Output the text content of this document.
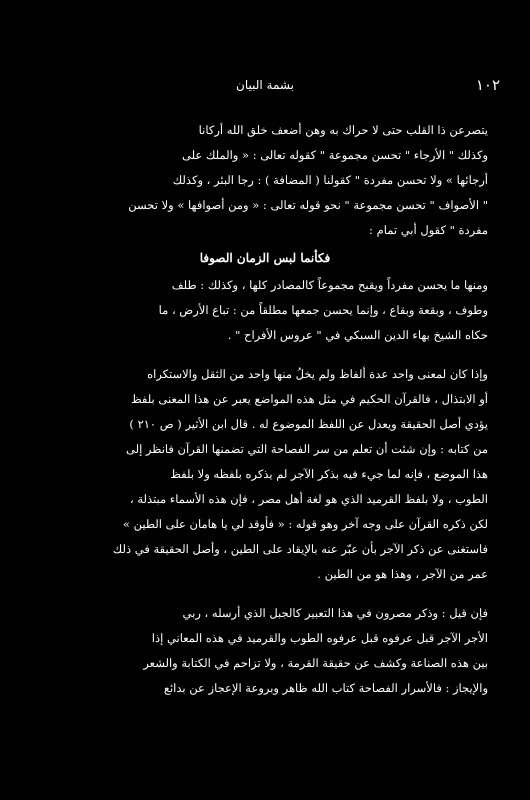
١٠٢
بشمة البيان
يتصرعن ذا القلب حتى لا حراك به وهن أضعف خلق الله أركانا
وكذلك " الأرجاء " تحسن مجموعة " كقوله تعالى : « والملك على
أرجائها » ولا تحسن مفردة " كقولنا ( المضافة ) : رجا البئر ، وكذلك
" الأصواف " تحسن مجموعة " نحو قوله تعالى : « ومن أصوافها » ولا تحسن
مفردة " كقول أبي تمام :
فكأنما لبس الزمان الصوفا
ومنها ما يحسن مفرداً ويقبح مجموعاً كالمصادر كلها ، وكذلك : طلف
وطوف ، وبقعة وبقاع ، وإنما يحسن جمعها مطلقاً من : تباع الأرض ، ما
حكاه الشيخ بهاء الدين السبكي في " عروس الأفراح " .
وإذا كان لمعنى واحد عدة ألفاظ ولم يخلُ منها واحد من الثقل والاستكراه
أو الابتذال ، فالقرآن الحكيم في مثل هذه المواضع يعبر عن هذا المعنى بلفظ
يؤدي أصل الحقيقة ويعدل عن اللفظ الموضوع له . قال ابن الأثير ( ص ٢١٠ )
من كتابه : وإن شئت أن تعلم من سر الفصاحة التي تضمنها القرآن فانظر إلى
هذا الموضع ، فإنه لما جيء فيه بذكر الآجر لم يذكره بلفظه ولا بلفظ
الطوب ، ولا بلفظ القرميد الذي هو لغة أهل مصر ، فإن هذه الأسماء مبتذلة ،
لكن ذكره القرآن على وجه آخر وهو قوله : « فأوقد لي يا هامان على الطين »
فاستغنى عن ذكر الآجر بأن عبّر عنه بالإيقاد على الطين ، وأصل الحقيقة في ذلك
عمر من الآجر ، وهذا هو من الطين .
فإن قيل : وذكر مصرون في هذا التعبير كالجبل الذي أرسله ، ربي
الأجر الآجر قبل عرفوه قبل عرفوه الطوب والقرميد في هذه المعاني إذا
بين هذه الصناعة وكشف عن حقيقة القرمة ، ولا تزاحم في الكتابة والشعر
والإيجاز : فالأسرار الفصاحة كتاب الله ظاهر وبروعة الإعجاز عن بدائع
